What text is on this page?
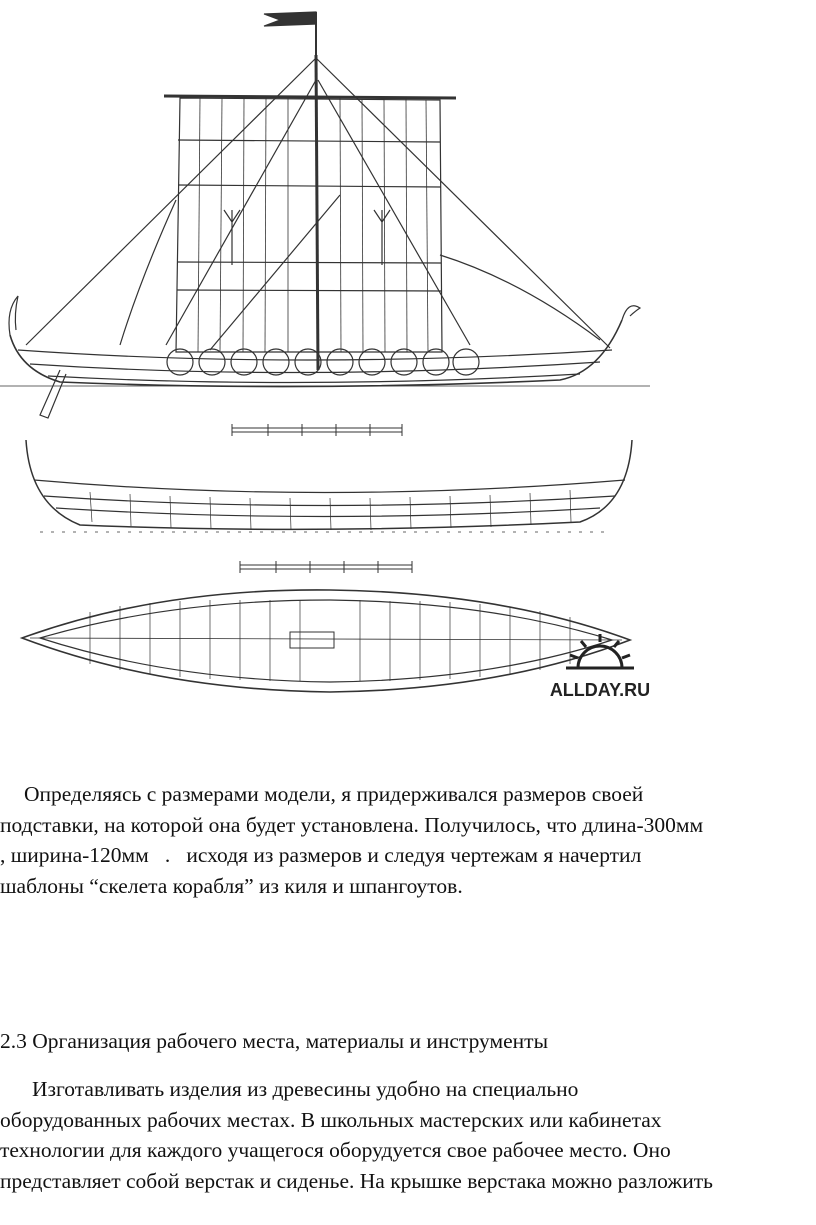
ALLDAY.RU

Определяясь с размерами модели, я придерживался размеров своей
подставки, на которой она будет установлена. Получилось, что длина-300мм
, ширина-120мм   .   исходя из размеров и следуя чертежам я начертил
шаблоны “скелета корабля” из киля и шпангоутов.

2.3 Организация рабочего места, материалы и инструменты

Изготавливать изделия из древесины удобно на специально
оборудованных рабочих местах. В школьных мастерских или кабинетах
технологии для каждого учащегося оборудуется свое рабочее место. Оно
представляет собой верстак и сиденье. На крышке верстака можно разложить
